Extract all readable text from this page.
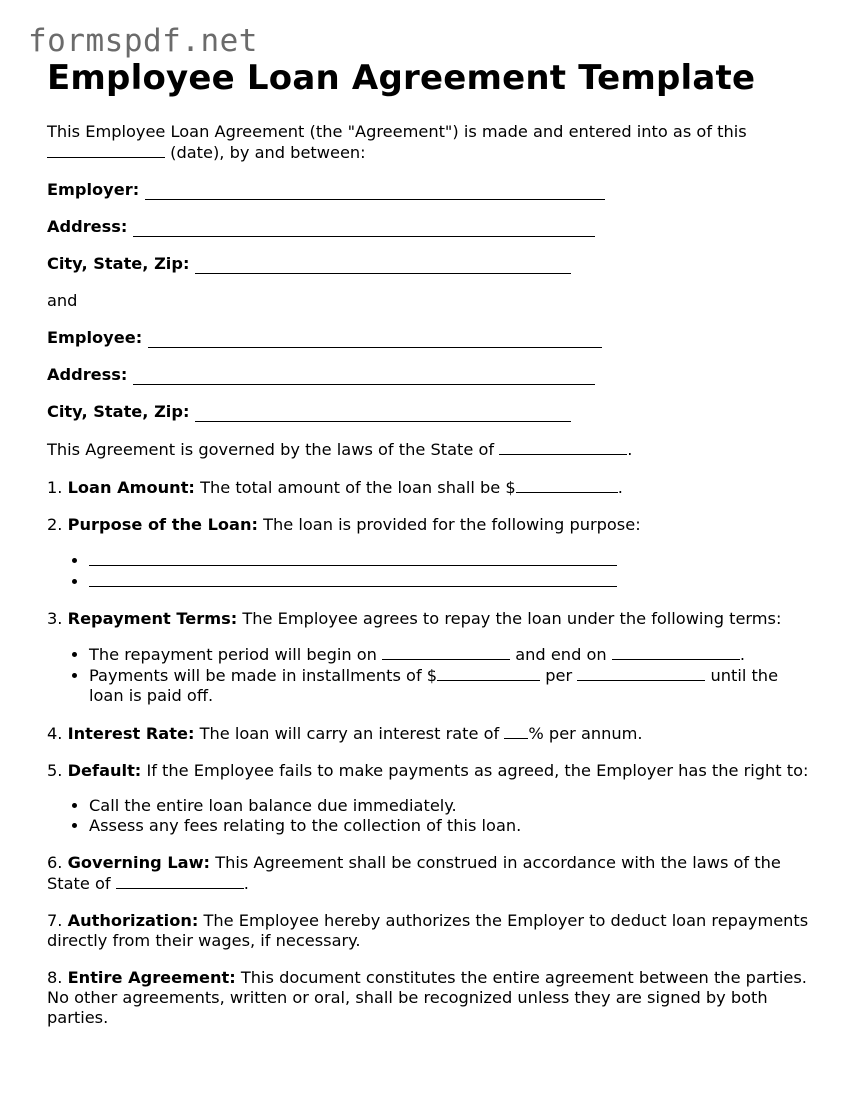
formspdf.net
Employee Loan Agreement Template

This Employee Loan Agreement (the "Agreement") is made and entered into as of this  (date), by and between:

Employer:
Address:
City, State, Zip:

and

Employee:
Address:
City, State, Zip:

This Agreement is governed by the laws of the State of	.

1. Loan Amount: The total amount of the loan shall be $	.

2. Purpose of the Loan: The loan is provided for the following purpose:

•
•

3. Repayment Terms: The Employee agrees to repay the loan under the following terms:

• The repayment period will begin on	and end on	.
• Payments will be made in installments of $	per	until the loan is paid off.

4. Interest Rate: The loan will carry an interest rate of % per annum.

5. Default: If the Employee fails to make payments as agreed, the Employer has the right to:

• Call the entire loan balance due immediately.
• Assess any fees relating to the collection of this loan.

6. Governing Law: This Agreement shall be construed in accordance with the laws of the State of	.

7. Authorization: The Employee hereby authorizes the Employer to deduct loan repayments directly from their wages, if necessary.

8. Entire Agreement: This document constitutes the entire agreement between the parties. No other agreements, written or oral, shall be recognized unless they are signed by both parties.
